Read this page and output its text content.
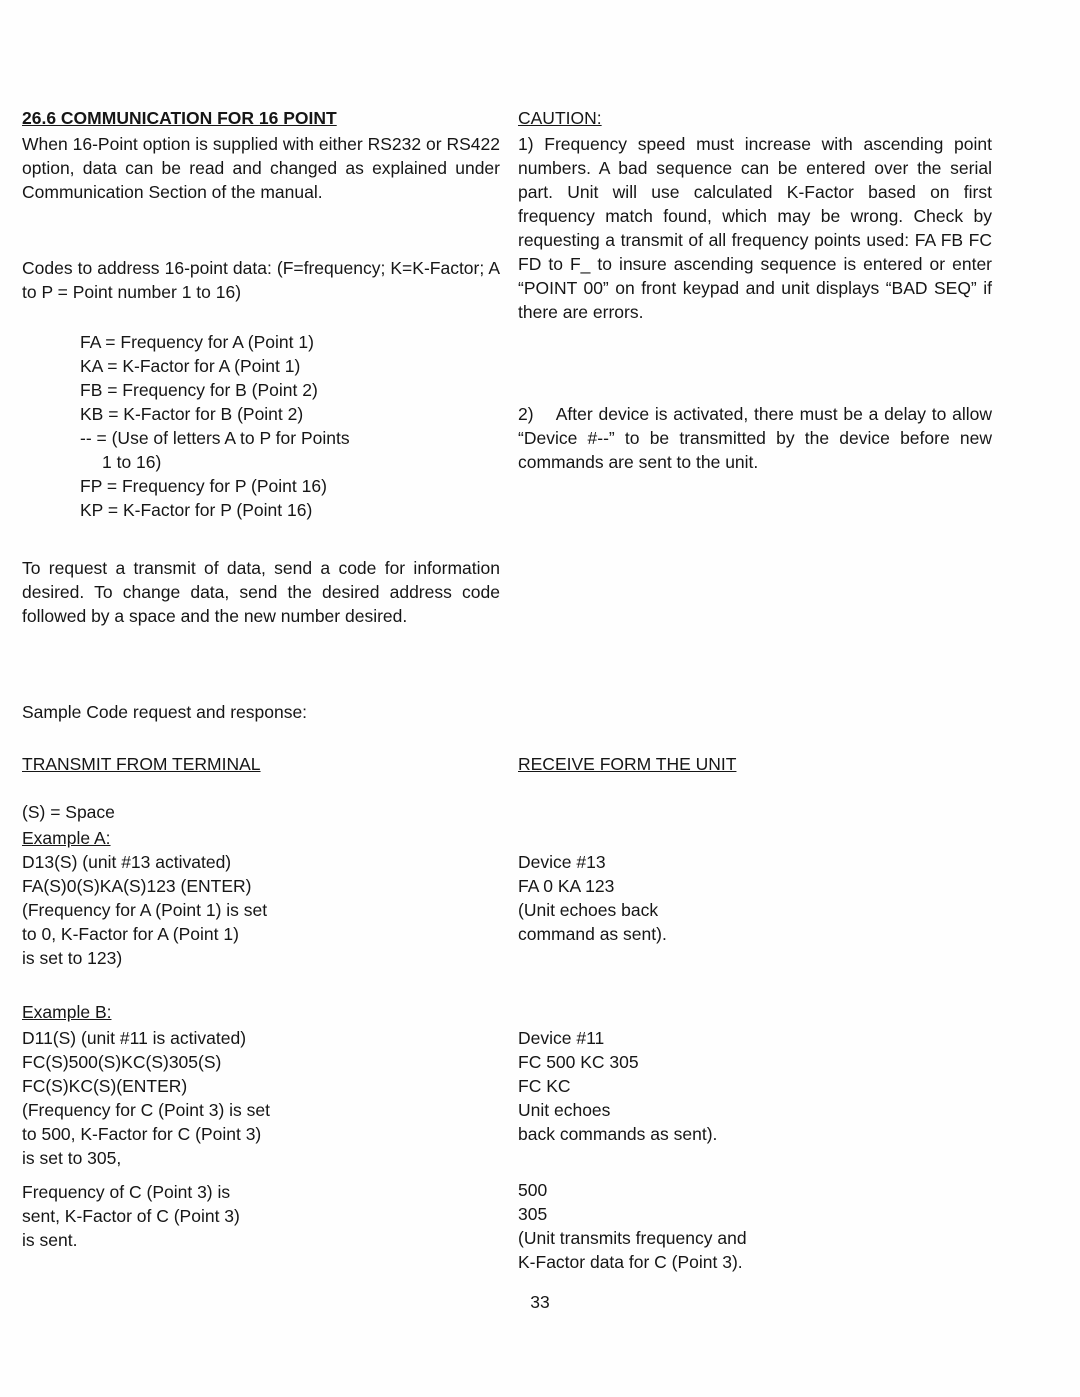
26.6 COMMUNICATION FOR 16 POINT
When 16-Point option is supplied with either RS232 or RS422 option, data can be read and changed as explained under Communication Section of the manual.
Codes to address 16-point data: (F=frequency; K=K-Factor; A to P = Point number 1 to 16)
FA = Frequency for A (Point 1)
KA = K-Factor for A (Point 1)
FB = Frequency for B (Point 2)
KB = K-Factor for B (Point 2)
-- = (Use of letters A to P for Points
1 to 16)
FP = Frequency for P (Point 16)
KP = K-Factor for P (Point 16)
To request a transmit of data, send a code for information desired. To change data, send the desired address code followed by a space and the new number desired.
Sample Code request and response:
TRANSMIT FROM TERMINAL
(S) = Space
Example A:
D13(S) (unit #13 activated)
FA(S)0(S)KA(S)123 (ENTER)
(Frequency for A (Point 1) is set
to 0, K-Factor for A (Point 1)
is set to 123)
Example B:
D11(S) (unit #11 is activated)
FC(S)500(S)KC(S)305(S)
FC(S)KC(S)(ENTER)
(Frequency for C (Point 3) is set
to 500, K-Factor for C (Point 3)
is set to 305,
Frequency of C (Point 3) is
sent, K-Factor of C (Point 3)
is sent.
CAUTION:
1) Frequency speed must increase with ascending point numbers. A bad sequence can be entered over the serial part. Unit will use calculated K-Factor based on first frequency match found, which may be wrong. Check by requesting a transmit of all frequency points used: FA FB FC FD to F_ to insure ascending sequence is entered or enter “POINT 00” on front keypad and unit displays “BAD SEQ” if there are errors.
2)    After device is activated, there must be a delay to allow “Device #--” to be transmitted by the device before new commands are sent to the unit.
RECEIVE FORM THE UNIT
Device #13
FA 0 KA 123
(Unit echoes back
command as sent).
Device #11
FC 500 KC 305
FC KC
Unit echoes
back commands as sent).
500
305
(Unit transmits frequency and
K-Factor data for C (Point 3).
33
